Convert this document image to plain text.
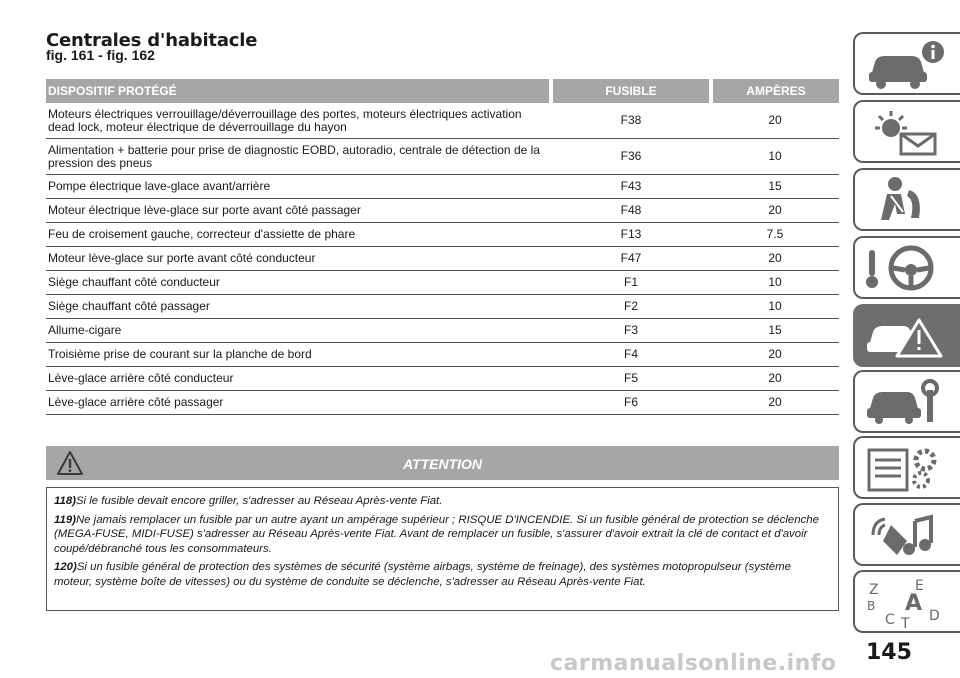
Centrales d'habitacle
fig. 161 - fig. 162
DISPOSITIF PROTÉGÉ	FUSIBLE	AMPÈRES
Moteurs électriques verrouillage/déverrouillage des portes, moteurs électriques activation dead lock, moteur électrique de déverrouillage du hayon	F38	20
Alimentation + batterie pour prise de diagnostic EOBD, autoradio, centrale de détection de la pression des pneus	F36	10
Pompe électrique lave-glace avant/arrière	F43	15
Moteur électrique lève-glace sur porte avant côté passager	F48	20
Feu de croisement gauche, correcteur d'assiette de phare	F13	7.5
Moteur lève-glace sur porte avant côté conducteur	F47	20
Siège chauffant côté conducteur	F1	10
Siège chauffant côté passager	F2	10
Allume-cigare	F3	15
Troisième prise de courant sur la planche de bord	F4	20
Lève-glace arrière côté conducteur	F5	20
Lève-glace arrière côté passager	F6	20
ATTENTION

118)Si le fusible devait encore griller, s'adresser au Réseau Après-vente Fiat.

119)Ne jamais remplacer un fusible par un autre ayant un ampérage supérieur ; RISQUE D'INCENDIE. Si un fusible général de protection se déclenche (MEGA-FUSE, MIDI-FUSE) s'adresser au Réseau Après-vente Fiat. Avant de remplacer un fusible, s'assurer d'avoir extrait la clé de contact et d'avoir coupé/débranché tous les consommateurs.

120)Si un fusible général de protection des systèmes de sécurité (système airbags, système de freinage), des systèmes motopropulseur (système moteur, système boîte de vitesses) ou du système de conduite se déclenche, s'adresser au Réseau Après-vente Fiat.

Z	E
B A D
C T
carmanualsonline.info 145
